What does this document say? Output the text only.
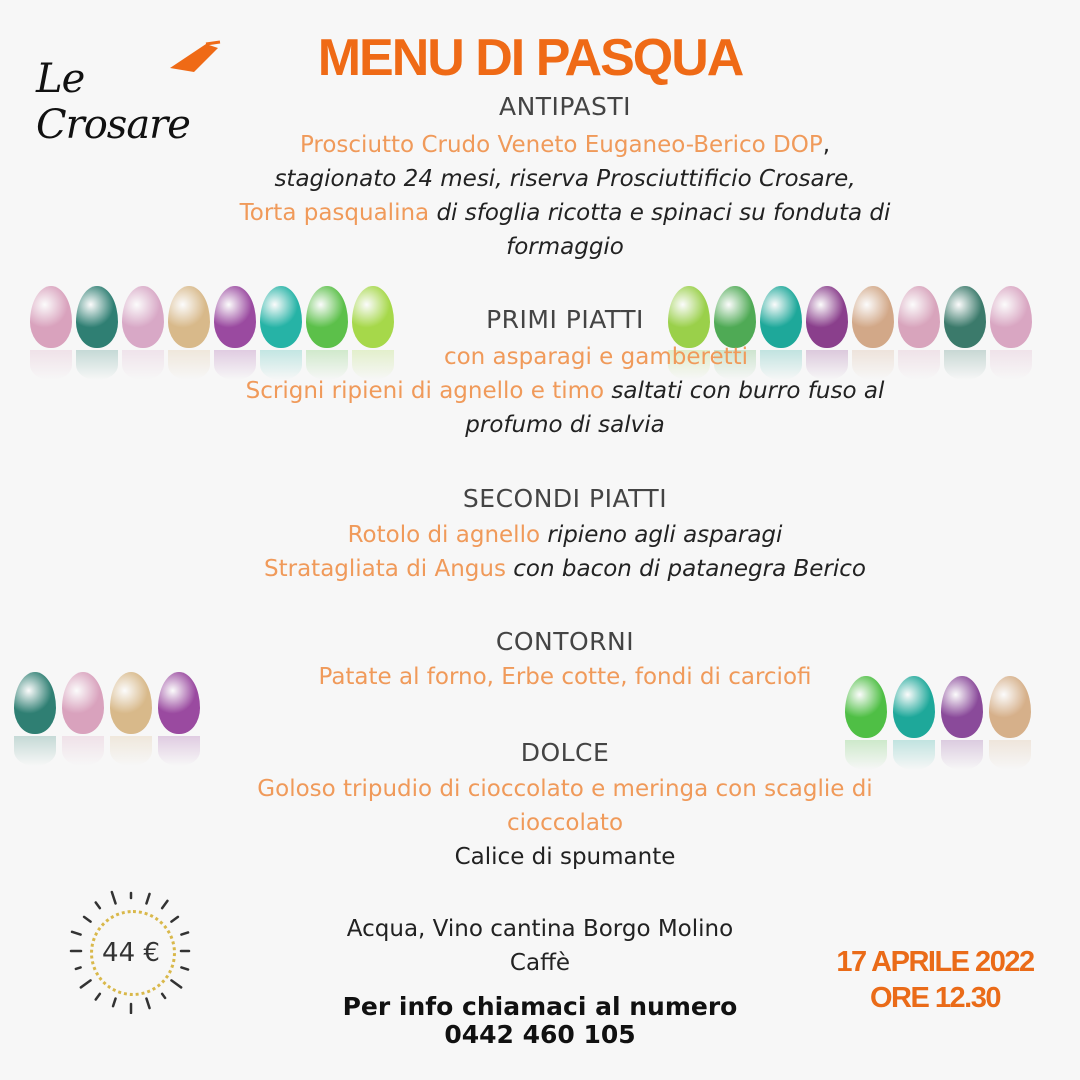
Le Crosare
MENU DI PASQUA
ANTIPASTI
Prosciutto Crudo Veneto Euganeo-Berico DOP,
stagionato 24 mesi, riserva Prosciuttificio Crosare,
Torta pasqualina di sfoglia ricotta e spinaci su fonduta di
formaggio
PRIMI PIATTI
con asparagi e gamberetti
Scrigni ripieni di agnello e timo saltati con burro fuso al
profumo di salvia
SECONDI PIATTI
Rotolo di agnello ripieno agli asparagi
Stratagliata di Angus con bacon di patanegra Berico
CONTORNI
Patate al forno, Erbe cotte, fondi di carciofi
DOLCE
Goloso tripudio di cioccolato e meringa con scaglie di
cioccolato
Calice di spumante
Acqua, Vino cantina Borgo Molino
Caffè
Per info chiamaci al numero
0442 460 105
44 €	17 APRILE 2022
ORE 12.30
